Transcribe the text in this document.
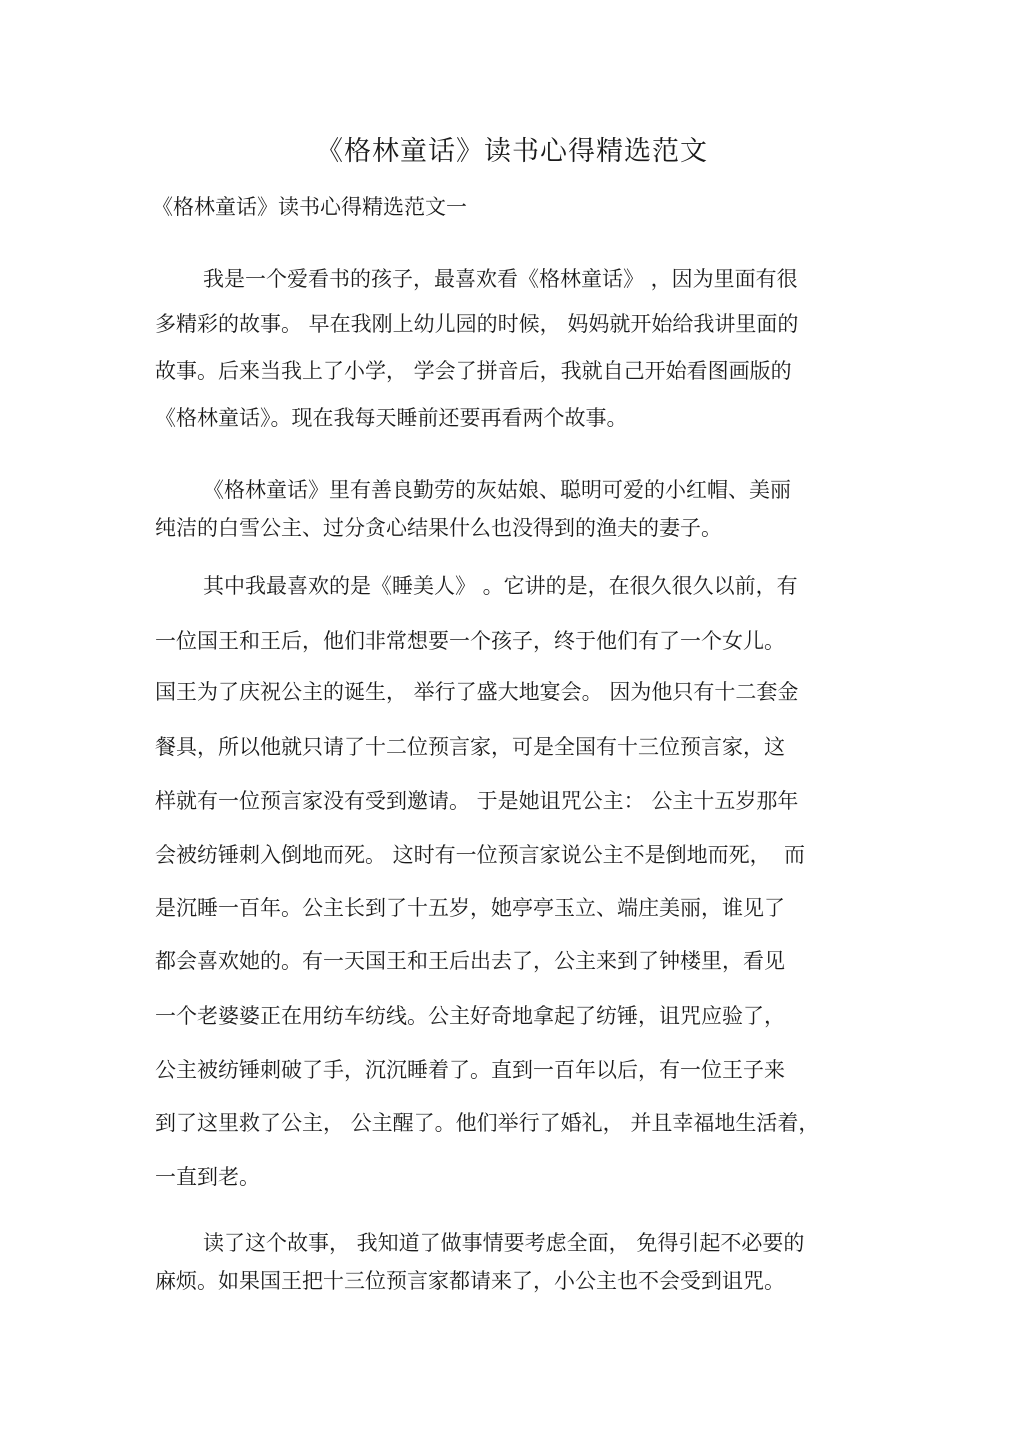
《格林童话》读书心得精选范文
《格林童话》读书心得精选范文一
我是一个爱看书的孩子，最喜欢看《格林童话》 ，因为里面有很
多精彩的故事。 早在我刚上幼儿园的时候， 妈妈就开始给我讲里面的
故事。后来当我上了小学， 学会了拼音后，我就自己开始看图画版的
《格林童话》。现在我每天睡前还要再看两个故事。
《格林童话》里有善良勤劳的灰姑娘、聪明可爱的小红帽、美丽
纯洁的白雪公主、过分贪心结果什么也没得到的渔夫的妻子。
其中我最喜欢的是《睡美人》 。它讲的是，在很久很久以前，有
一位国王和王后，他们非常想要一个孩子，终于他们有了一个女儿。
国王为了庆祝公主的诞生， 举行了盛大地宴会。 因为他只有十二套金
餐具，所以他就只请了十二位预言家，可是全国有十三位预言家，这
样就有一位预言家没有受到邀请。 于是她诅咒公主： 公主十五岁那年
会被纺锤刺入倒地而死。 这时有一位预言家说公主不是倒地而死，  而
是沉睡一百年。公主长到了十五岁，她亭亭玉立、端庄美丽，谁见了
都会喜欢她的。有一天国王和王后出去了，公主来到了钟楼里，看见
一个老婆婆正在用纺车纺线。公主好奇地拿起了纺锤，诅咒应验了，
公主被纺锤刺破了手，沉沉睡着了。直到一百年以后，有一位王子来
到了这里救了公主， 公主醒了。他们举行了婚礼， 并且幸福地生活着，
一直到老。
读了这个故事， 我知道了做事情要考虑全面， 免得引起不必要的
麻烦。如果国王把十三位预言家都请来了，小公主也不会受到诅咒。
